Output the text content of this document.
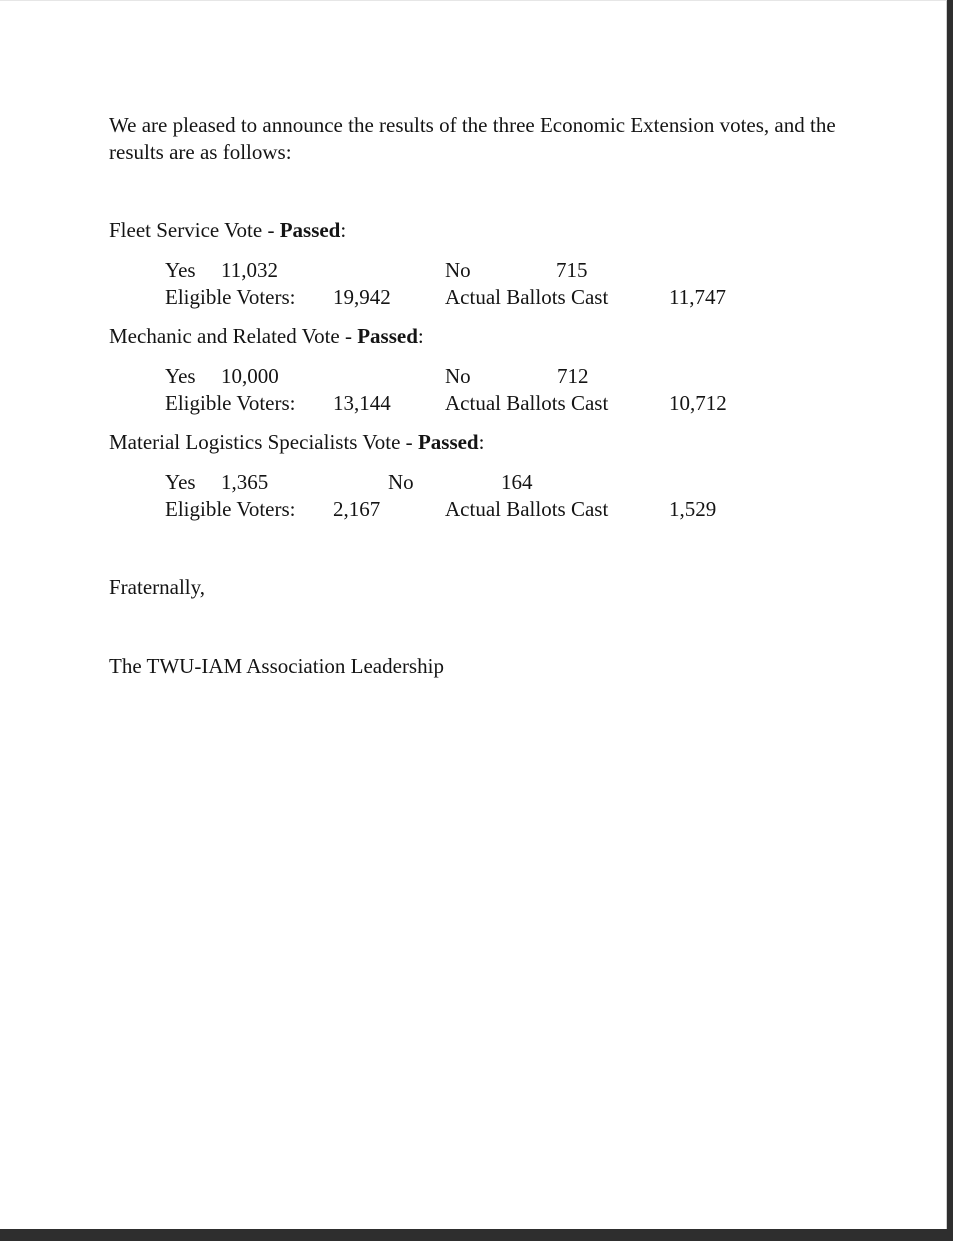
We are pleased to announce the results of the three Economic Extension votes, and the results are as follows:
Fleet Service Vote - Passed:
Yes 11,032	No	715
Eligible Voters: 19,942	Actual Ballots Cast	11,747
Mechanic and Related Vote - Passed:
Yes 10,000	No	712
Eligible Voters: 13,144	Actual Ballots Cast	10,712
Material Logistics Specialists Vote - Passed:
Yes 1,365	No	164
Eligible Voters: 2,167	Actual Ballots Cast	1,529
Fraternally,
The TWU-IAM Association Leadership
